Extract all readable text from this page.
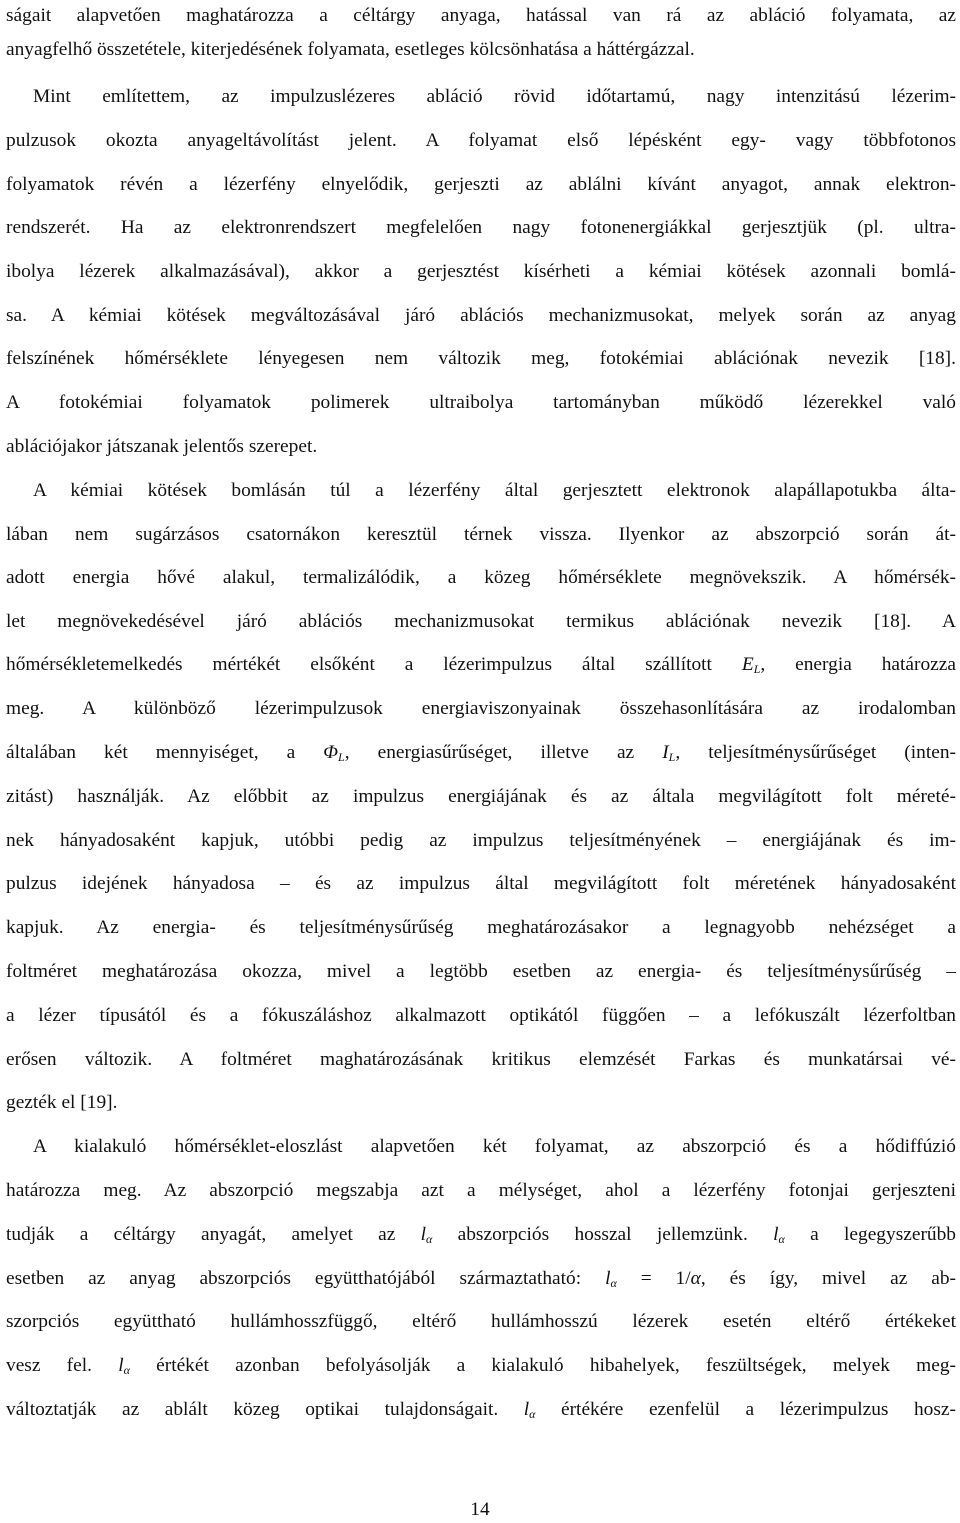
ságait alapvetően maghatározza a céltárgy anyaga, hatással van rá az abláció folyamata, az
anyagfelhő összetétele, kiterjedésének folyamata, esetleges kölcsönhatása a háttérgázzal.
Mint említettem, az impulzuslézeres abláció rövid időtartamú, nagy intenzitású lézerim-
pulzusok okozta anyageltávolítást jelent. A folyamat első lépésként egy- vagy többfotonos
folyamatok révén a lézerfény elnyelődik, gerjeszti az ablálni kívánt anyagot, annak elektron-
rendszerét. Ha az elektronrendszert megfelelően nagy fotonenergiákkal gerjesztjük (pl. ultra-
ibolya lézerek alkalmazásával), akkor a gerjesztést kísérheti a kémiai kötések azonnali bomlá-
sa. A kémiai kötések megváltozásával járó ablációs mechanizmusokat, melyek során az anyag
felszínének hőmérséklete lényegesen nem változik meg, fotokémiai ablációnak nevezik [18].
A fotokémiai folyamatok polimerek ultraibolya tartományban működő lézerekkel való
ablációjakor játszanak jelentős szerepet.
A kémiai kötések bomlásán túl a lézerfény által gerjesztett elektronok alapállapotukba álta-
lában nem sugárzásos csatornákon keresztül térnek vissza. Ilyenkor az abszorpció során át-
adott energia hővé alakul, termalizálódik, a közeg hőmérséklete megnövekszik. A hőmérsék-
let megnövekedésével járó ablációs mechanizmusokat termikus ablációnak nevezik [18]. A
hőmérsékletemelkedés mértékét elsőként a lézerimpulzus által szállított $E_L$, energia határozza
meg. A különböző lézerimpulzusok energiaviszonyainak összehasonlítására az irodalomban
általában két mennyiséget, a $\Phi_L$, energiasűrűséget, illetve az $I_L$, teljesítménysűrűséget (inten-
zitást) használják. Az előbbit az impulzus energiájának és az általa megvilágított folt méreté-
nek hányadosaként kapjuk, utóbbi pedig az impulzus teljesítményének – energiájának és im-
pulzus idejének hányadosa – és az impulzus által megvilágított folt méretének hányadosaként
kapjuk. Az energia- és teljesítménysűrűség meghatározásakor a legnagyobb nehézséget a
foltméret meghatározása okozza, mivel a legtöbb esetben az energia- és teljesítménysűrűség –
a lézer típusától és a fókuszáláshoz alkalmazott optikától függően – a lefókuszált lézerfoltban
erősen változik. A foltméret maghatározásának kritikus elemzését Farkas és munkatársai vé-
gezték el [19].
A kialakuló hőmérséklet-eloszlást alapvetően két folyamat, az abszorpció és a hődiffúzió
határozza meg. Az abszorpció megszabja azt a mélységet, ahol a lézerfény fotonjai gerjeszteni
tudják a céltárgy anyagát, amelyet az $l_\alpha$ abszorpciós hosszal jellemzünk. $l_\alpha$ a legegyszerűbb
esetben az anyag abszorpciós együtthatójából származtatható: $l_\alpha = 1/\alpha$, és így, mivel az ab-
szorpciós együttható hullámhosszfüggő, eltérő hullámhosszú lézerek esetén eltérő értékeket
vesz fel. $l_\alpha$ értékét azonban befolyásolják a kialakuló hibahelyek, feszültségek, melyek meg-
változtatják az ablált közeg optikai tulajdonságait. $l_\alpha$ értékére ezenfelül a lézerimpulzus hosz-
14
